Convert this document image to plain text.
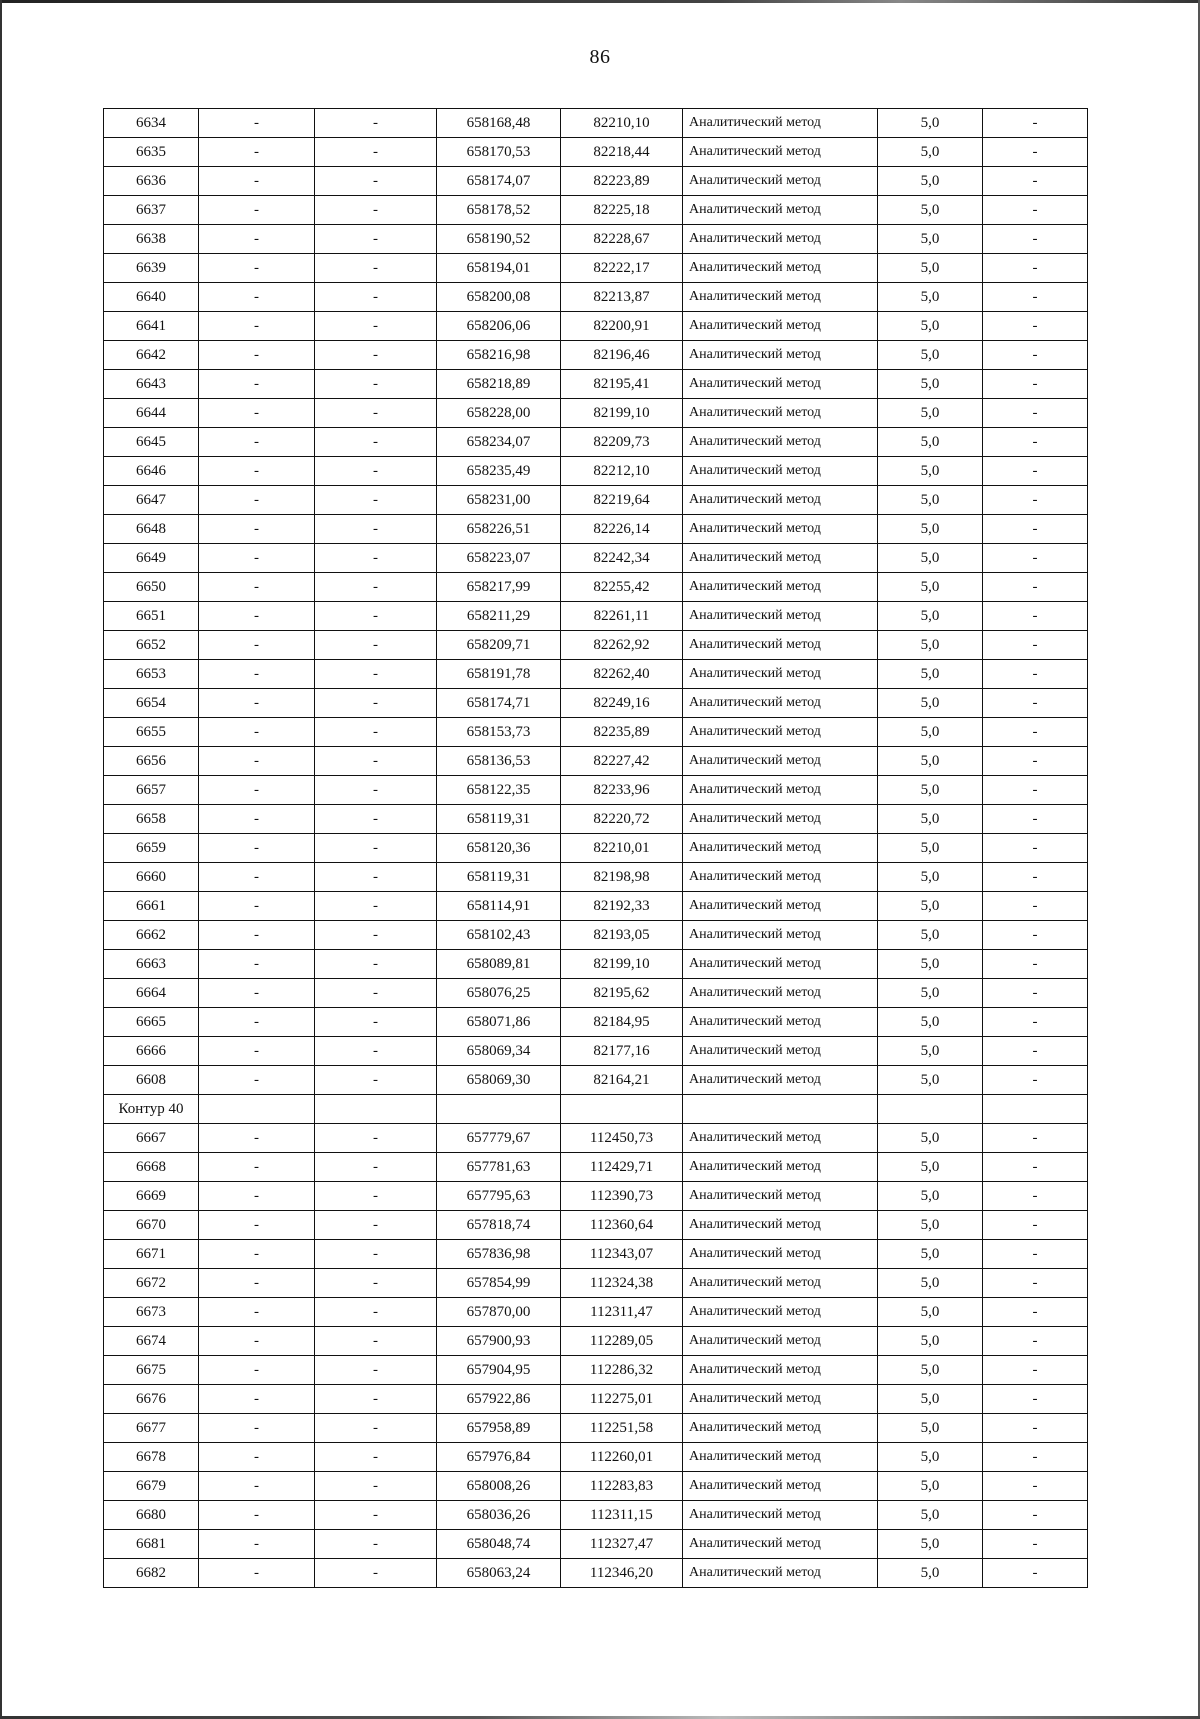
86
6634	-	-	658168,48	82210,10	Аналитический метод	5,0	-
6635	-	-	658170,53	82218,44	Аналитический метод	5,0	-
6636	-	-	658174,07	82223,89	Аналитический метод	5,0	-
6637	-	-	658178,52	82225,18	Аналитический метод	5,0	-
6638	-	-	658190,52	82228,67	Аналитический метод	5,0	-
6639	-	-	658194,01	82222,17	Аналитический метод	5,0	-
6640	-	-	658200,08	82213,87	Аналитический метод	5,0	-
6641	-	-	658206,06	82200,91	Аналитический метод	5,0	-
6642	-	-	658216,98	82196,46	Аналитический метод	5,0	-
6643	-	-	658218,89	82195,41	Аналитический метод	5,0	-
6644	-	-	658228,00	82199,10	Аналитический метод	5,0	-
6645	-	-	658234,07	82209,73	Аналитический метод	5,0	-
6646	-	-	658235,49	82212,10	Аналитический метод	5,0	-
6647	-	-	658231,00	82219,64	Аналитический метод	5,0	-
6648	-	-	658226,51	82226,14	Аналитический метод	5,0	-
6649	-	-	658223,07	82242,34	Аналитический метод	5,0	-
6650	-	-	658217,99	82255,42	Аналитический метод	5,0	-
6651	-	-	658211,29	82261,11	Аналитический метод	5,0	-
6652	-	-	658209,71	82262,92	Аналитический метод	5,0	-
6653	-	-	658191,78	82262,40	Аналитический метод	5,0	-
6654	-	-	658174,71	82249,16	Аналитический метод	5,0	-
6655	-	-	658153,73	82235,89	Аналитический метод	5,0	-
6656	-	-	658136,53	82227,42	Аналитический метод	5,0	-
6657	-	-	658122,35	82233,96	Аналитический метод	5,0	-
6658	-	-	658119,31	82220,72	Аналитический метод	5,0	-
6659	-	-	658120,36	82210,01	Аналитический метод	5,0	-
6660	-	-	658119,31	82198,98	Аналитический метод	5,0	-
6661	-	-	658114,91	82192,33	Аналитический метод	5,0	-
6662	-	-	658102,43	82193,05	Аналитический метод	5,0	-
6663	-	-	658089,81	82199,10	Аналитический метод	5,0	-
6664	-	-	658076,25	82195,62	Аналитический метод	5,0	-
6665	-	-	658071,86	82184,95	Аналитический метод	5,0	-
6666	-	-	658069,34	82177,16	Аналитический метод	5,0	-
6608	-	-	658069,30	82164,21	Аналитический метод	5,0	-
Контур 40							
6667	-	-	657779,67	112450,73	Аналитический метод	5,0	-
6668	-	-	657781,63	112429,71	Аналитический метод	5,0	-
6669	-	-	657795,63	112390,73	Аналитический метод	5,0	-
6670	-	-	657818,74	112360,64	Аналитический метод	5,0	-
6671	-	-	657836,98	112343,07	Аналитический метод	5,0	-
6672	-	-	657854,99	112324,38	Аналитический метод	5,0	-
6673	-	-	657870,00	112311,47	Аналитический метод	5,0	-
6674	-	-	657900,93	112289,05	Аналитический метод	5,0	-
6675	-	-	657904,95	112286,32	Аналитический метод	5,0	-
6676	-	-	657922,86	112275,01	Аналитический метод	5,0	-
6677	-	-	657958,89	112251,58	Аналитический метод	5,0	-
6678	-	-	657976,84	112260,01	Аналитический метод	5,0	-
6679	-	-	658008,26	112283,83	Аналитический метод	5,0	-
6680	-	-	658036,26	112311,15	Аналитический метод	5,0	-
6681	-	-	658048,74	112327,47	Аналитический метод	5,0	-
6682	-	-	658063,24	112346,20	Аналитический метод	5,0	-
